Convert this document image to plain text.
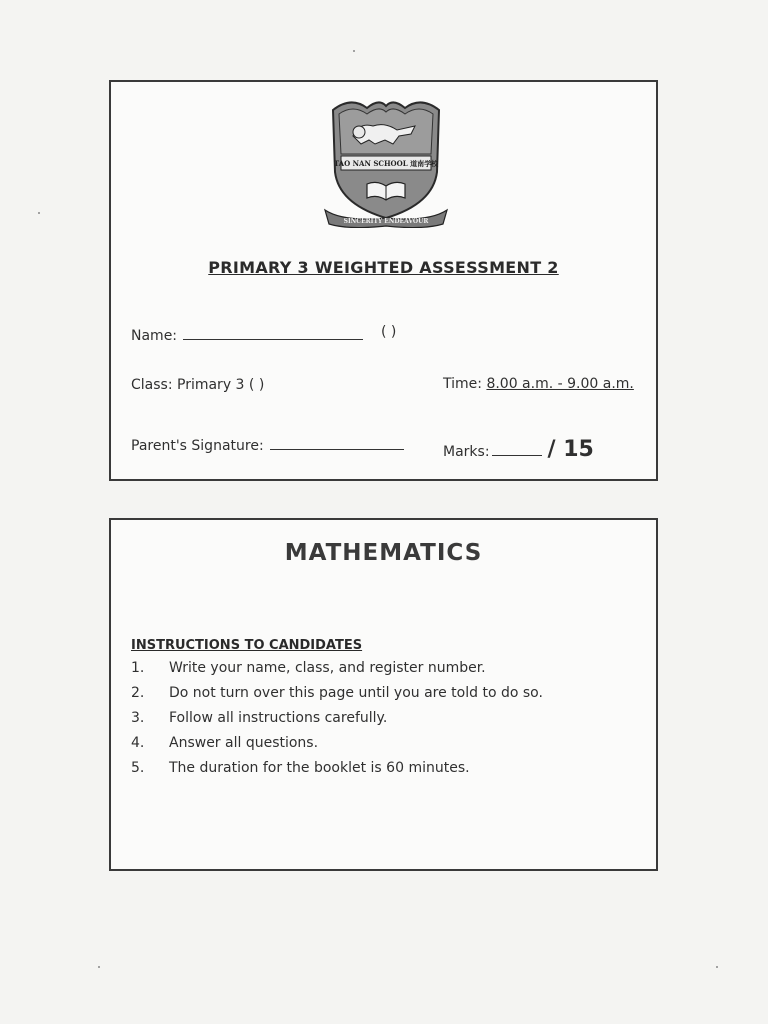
TAO NAN SCHOOL 道南学校
SINCERITY ENDEAVOUR
PRIMARY 3 WEIGHTED ASSESSMENT 2
Name:	( )
Class: Primary 3 ( )	Time: 8.00 a.m. - 9.00 a.m.
Parent's Signature:	Marks:	/ 15
MATHEMATICS
INSTRUCTIONS TO CANDIDATES
1. Write your name, class, and register number.
2. Do not turn over this page until you are told to do so.
3. Follow all instructions carefully.
4. Answer all questions.
5. The duration for the booklet is 60 minutes.
